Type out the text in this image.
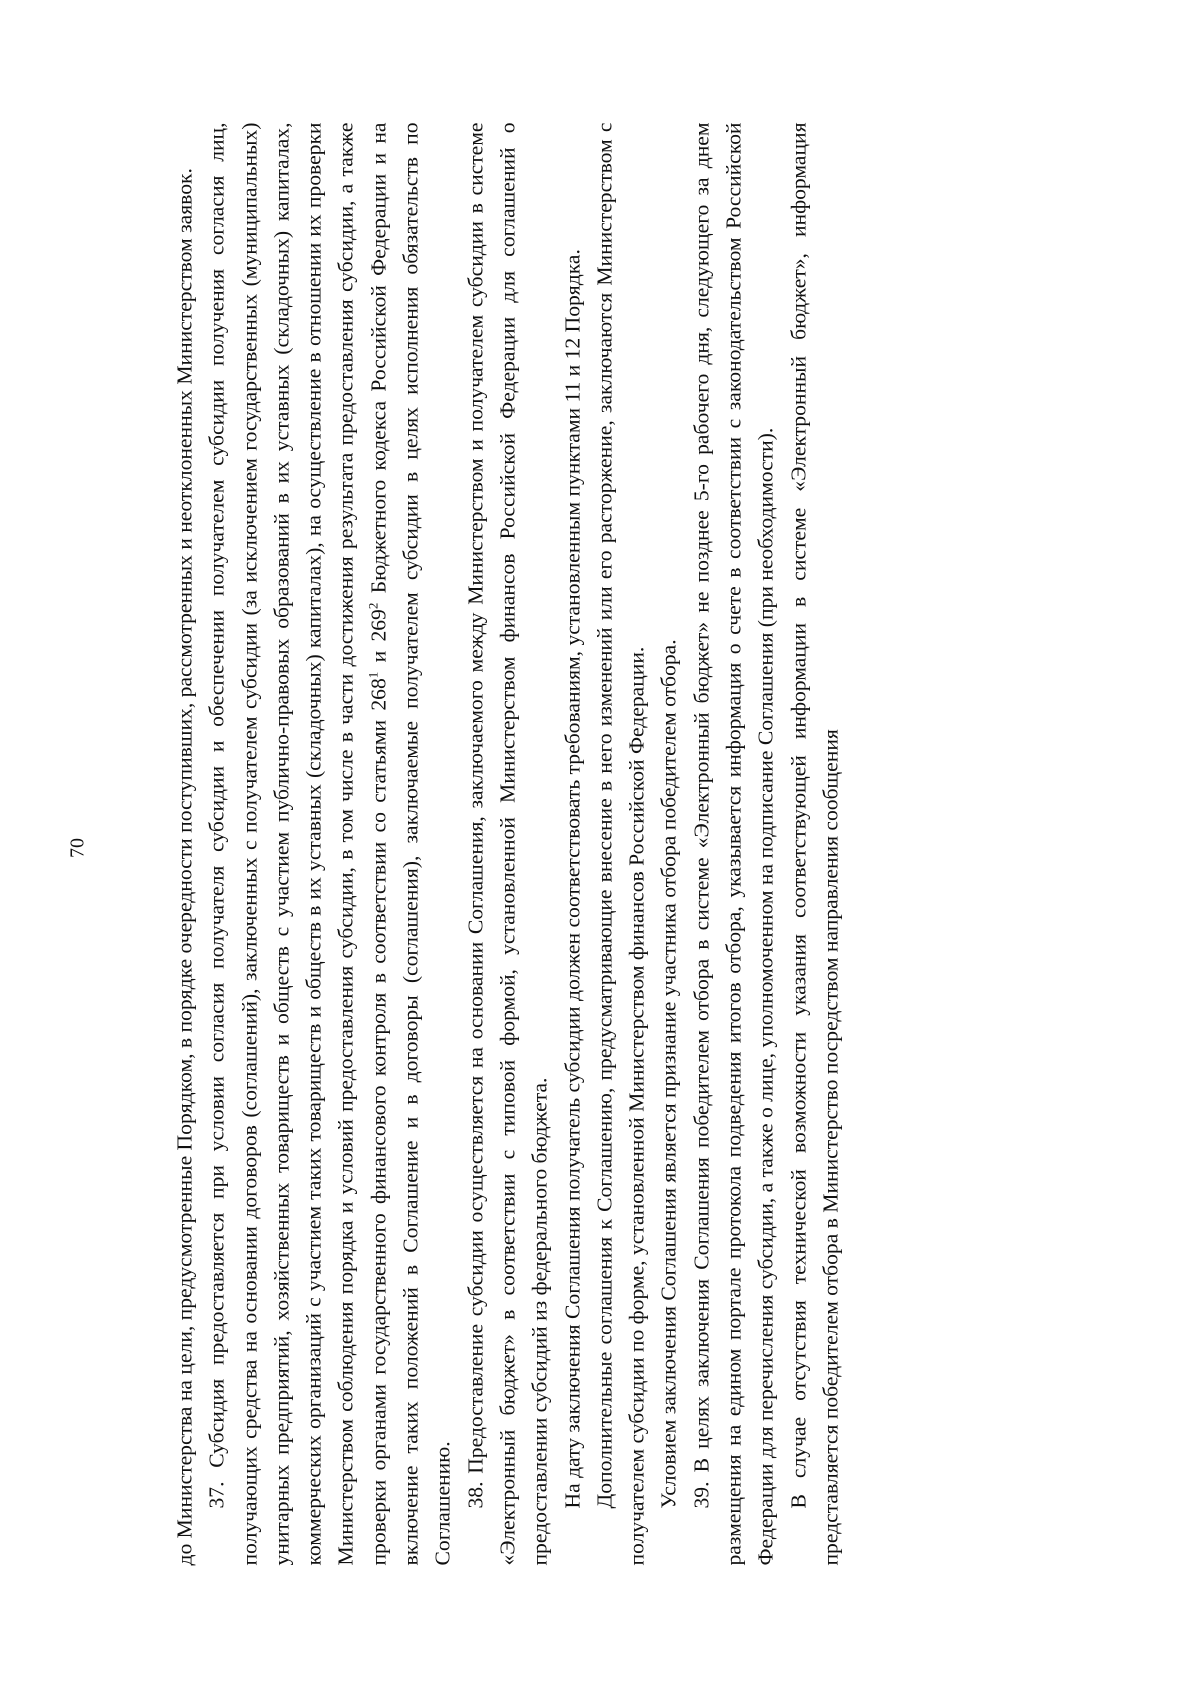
70	до Министерства на цели, предусмотренные Порядком, в порядке очередности поступивших, рассмотренных и неотклоненных Министерством заявок. 37. Субсидия предоставляется при условии согласия получателя субсидии и обеспечении получателем субсидии получения согласия лиц, получающих средства на основании договоров (соглашений), заключенных с получателем субсидии (за исключением государственных (муниципальных) унитарных предприятий, хозяйственных товариществ и обществ с участием публично-правовых образований в их уставных (складочных) капиталах, коммерческих организаций с участием таких товариществ и обществ в их уставных (складочных) капиталах), на осуществление в отношении их проверки Министерством соблюдения порядка и условий предоставления субсидии, в том числе в части достижения результата предоставления субсидии, а также проверки органами государственного финансового контроля в соответствии со статьями $268^1$ и $269^2$ Бюджетного кодекса Российской Федерации и на включение таких положений в Соглашение и в договоры (соглашения), заключаемые получателем субсидии в целях исполнения обязательств по Соглашению. 38. Предоставление субсидии осуществляется на основании Соглашения, заключаемого между Министерством и получателем субсидии в системе «Электронный бюджет» в соответствии с типовой формой, установленной Министерством финансов Российской Федерации для соглашений о предоставлении субсидий из федерального бюджета. На дату заключения Соглашения получатель субсидии должен соответствовать требованиям, установленным пунктами 11 и 12 Порядка. Дополнительные соглашения к Соглашению, предусматривающие внесение в него изменений или его расторжение, заключаются Министерством с получателем субсидии по форме, установленной Министерством финансов Российской Федерации. Условием заключения Соглашения является признание участника отбора победителем отбора. 39. В целях заключения Соглашения победителем отбора в системе «Электронный бюджет» не позднее 5-го рабочего дня, следующего за днем размещения на едином портале протокола подведения итогов отбора, указывается информация о счете в соответствии с законодательством Российской Федерации для перечисления субсидии, а также о лице, уполномоченном на подписание Соглашения (при необходимости). В случае отсутствия технической возможности указания соответствующей информации в системе «Электронный бюджет», информация представляется победителем отбора в Министерство посредством направления сообщения
